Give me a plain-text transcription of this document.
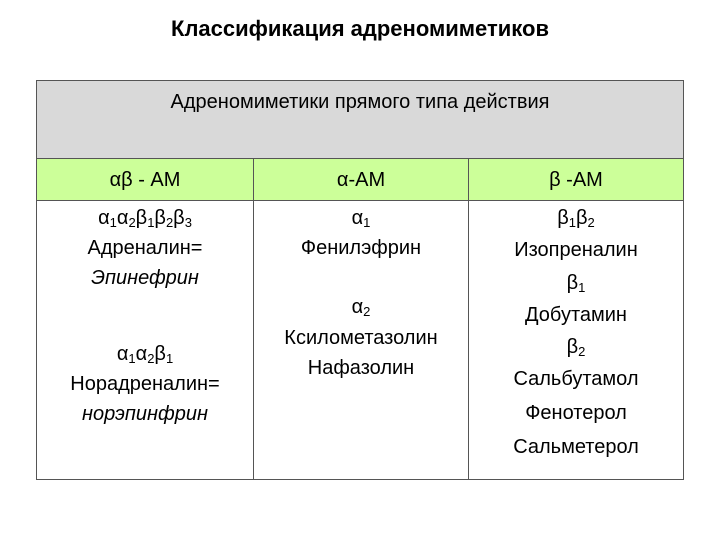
Классификация адреномиметиков
Адреномиметики прямого типа действия
αβ - АМ	α-АМ	β -АМ
$\alpha_1\alpha_2\beta_1\beta_2\beta_3$
Адреналин=
Эпинефрин
$\alpha_1\alpha_2\beta_1$
Норадреналин=
норэпинфрин
$\alpha_1$
Фенилэфрин
$\alpha_2$
Ксилометазолин
Нафазолин
$\beta_1\beta_2$
Изопреналин
$\beta_1$
Добутамин
$\beta_2$
Сальбутамол
Фенотерол
Сальметерол
